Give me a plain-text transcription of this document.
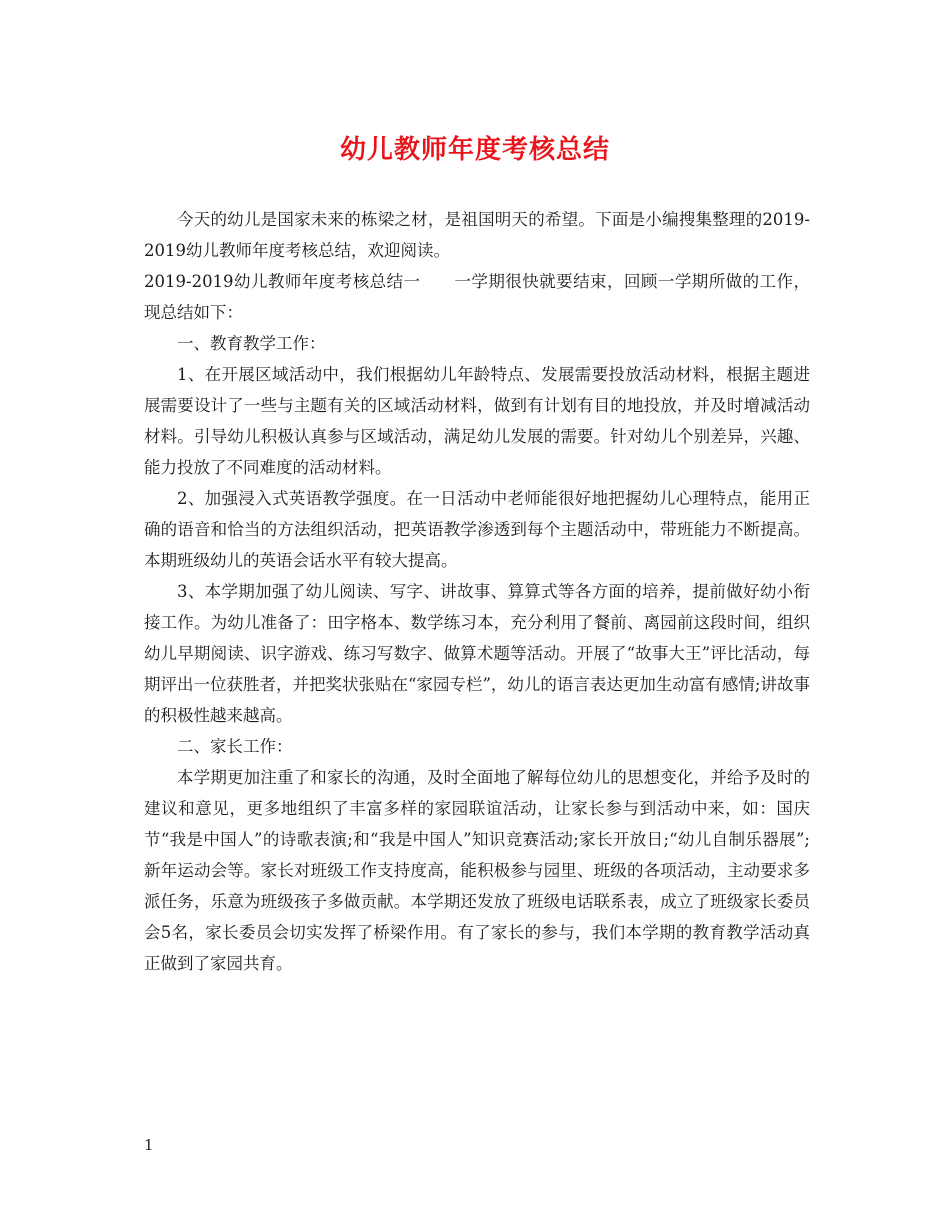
幼儿教师年度考核总结

今天的幼儿是国家未来的栋梁之材，是祖国明天的希望。下面是小编搜集整理的2019-2019幼儿教师年度考核总结，欢迎阅读。

2019-2019幼儿教师年度考核总结一　　一学期很快就要结束，回顾一学期所做的工作，现总结如下：

一、教育教学工作：

1、在开展区域活动中，我们根据幼儿年龄特点、发展需要投放活动材料，根据主题进展需要设计了一些与主题有关的区域活动材料，做到有计划有目的地投放，并及时增减活动材料。引导幼儿积极认真参与区域活动，满足幼儿发展的需要。针对幼儿个别差异，兴趣、能力投放了不同难度的活动材料。

2、加强浸入式英语教学强度。在一日活动中老师能很好地把握幼儿心理特点，能用正确的语音和恰当的方法组织活动，把英语教学渗透到每个主题活动中，带班能力不断提高。本期班级幼儿的英语会话水平有较大提高。

3、本学期加强了幼儿阅读、写字、讲故事、算算式等各方面的培养，提前做好幼小衔接工作。为幼儿准备了：田字格本、数学练习本，充分利用了餐前、离园前这段时间，组织幼儿早期阅读、识字游戏、练习写数字、做算术题等活动。开展了“故事大王”评比活动，每期评出一位获胜者，并把奖状张贴在“家园专栏”，幼儿的语言表达更加生动富有感情;讲故事的积极性越来越高。

二、家长工作：

本学期更加注重了和家长的沟通，及时全面地了解每位幼儿的思想变化，并给予及时的建议和意见，更多地组织了丰富多样的家园联谊活动，让家长参与到活动中来，如：国庆节“我是中国人”的诗歌表演;和“我是中国人”知识竞赛活动;家长开放日;“幼儿自制乐器展”;新年运动会等。家长对班级工作支持度高，能积极参与园里、班级的各项活动，主动要求多派任务，乐意为班级孩子多做贡献。本学期还发放了班级电话联系表，成立了班级家长委员会5名，家长委员会切实发挥了桥梁作用。有了家长的参与，我们本学期的教育教学活动真正做到了家园共育。

1
